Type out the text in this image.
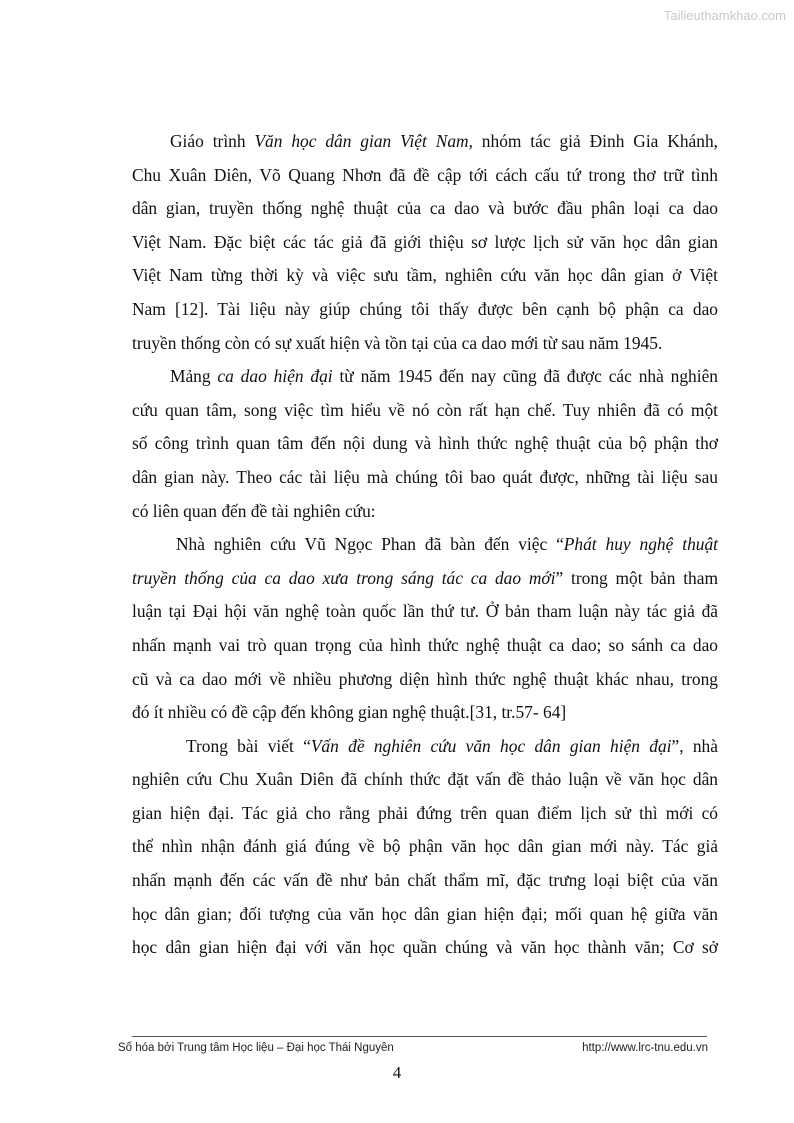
Tailieuthamkhao.com
Giáo trình Văn học dân gian Việt Nam, nhóm tác giả Đinh Gia Khánh,
Chu Xuân Diên, Võ Quang Nhơn đã đề cập tới cách cấu tứ trong thơ trữ tình
dân gian, truyền thống nghệ thuật của ca dao và bước đầu phân loại ca dao
Việt Nam. Đặc biệt các tác giả đã giới thiệu sơ lược lịch sử văn học dân gian
Việt Nam từng thời kỳ và việc sưu tầm, nghiên cứu văn học dân gian ở Việt
Nam [12]. Tài liệu này giúp chúng tôi thấy được bên cạnh bộ phận ca dao
truyền thống còn có sự xuất hiện và tồn tại của ca dao mới từ sau năm 1945.
Mảng ca dao hiện đại từ năm 1945 đến nay cũng đã được các nhà nghiên
cứu quan tâm, song việc tìm hiểu về nó còn rất hạn chế. Tuy nhiên đã có một
số công trình quan tâm đến nội dung và hình thức nghệ thuật của bộ phận thơ
dân gian này. Theo các tài liệu mà chúng tôi bao quát được, những tài liệu sau
có liên quan đến đề tài nghiên cứu:
Nhà nghiên cứu Vũ Ngọc Phan đã bàn đến việc “Phát huy nghệ thuật
truyền thống của ca dao xưa trong sáng tác ca dao mới” trong một bản tham
luận tại Đại hội văn nghệ toàn quốc lần thứ tư. Ở bản tham luận này tác giả đã
nhấn mạnh vai trò quan trọng của hình thức nghệ thuật ca dao; so sánh ca dao
cũ và ca dao mới về nhiều phương diện hình thức nghệ thuật khác nhau, trong
đó ít nhiều có đề cập đến không gian nghệ thuật.[31, tr.57- 64]
Trong bài viết “Vấn đề nghiên cứu văn học dân gian hiện đại”, nhà
nghiên cứu Chu Xuân Diên đã chính thức đặt vấn đề thảo luận về văn học dân
gian hiện đại. Tác giả cho rằng phải đứng trên quan điểm lịch sử thì mới có
thể nhìn nhận đánh giá đúng về bộ phận văn học dân gian mới này. Tác giả
nhấn mạnh đến các vấn đề như bản chất thẩm mĩ, đặc trưng loại biệt của văn
học dân gian; đối tượng của văn học dân gian hiện đại; mối quan hệ giữa văn
học dân gian hiện đại với văn học quần chúng và văn học thành văn; Cơ sở
Số hóa bởi Trung tâm Học liệu – Đại học Thái Nguyên	http://www.lrc-tnu.edu.vn
4
